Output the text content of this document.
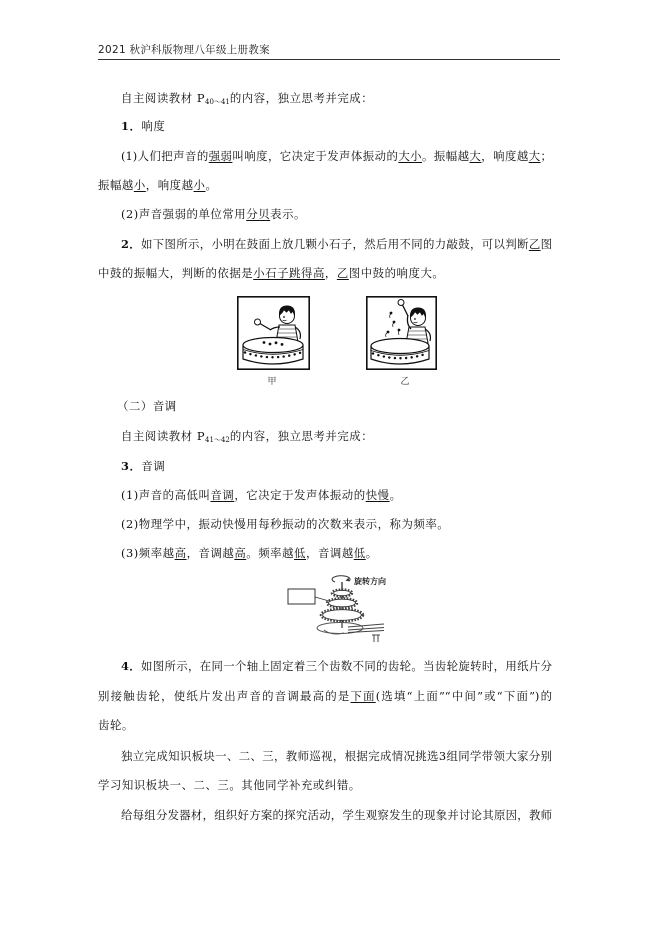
2021 秋沪科版物理八年级上册教案
自主阅读教材 $P_{40\sim 41}$的内容，独立思考并完成：
1．响度
(1)人们把声音的强弱叫响度，它决定于发声体振动的大小。振幅越大，响度越大；
振幅越小，响度越小。
(2)声音强弱的单位常用分贝表示。
2．如下图所示，小明在鼓面上放几颗小石子，然后用不同的力敲鼓，可以判断乙图
中鼓的振幅大，判断的依据是小石子跳得高，乙图中鼓的响度大。
甲	乙
（二）音调
自主阅读教材 $P_{41\sim 42}$的内容，独立思考并完成：
3．音调
(1)声音的高低叫音调，它决定于发声体振动的快慢。
(2)物理学中，振动快慢用每秒振动的次数来表示，称为频率。
(3)频率越高，音调越高。频率越低，音调越低。
旋转方向
4．如图所示，在同一个轴上固定着三个齿数不同的齿轮。当齿轮旋转时，用纸片分
别接触齿轮，使纸片发出声音的音调最高的是下面(选填“上面”“中间”或“下面”)的
齿轮。
独立完成知识板块一、二、三，教师巡视，根据完成情况挑选3组同学带领大家分别
学习知识板块一、二、三。其他同学补充或纠错。
给每组分发器材，组织好方案的探究活动，学生观察发生的现象并讨论其原因，教师
